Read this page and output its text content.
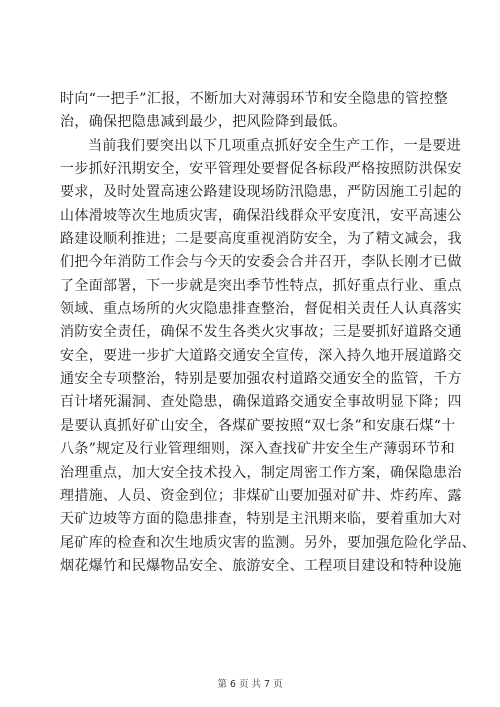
时向“一把手”汇报，不断加大对薄弱环节和安全隐患的管控整
治，确保把隐患减到最少，把风险降到最低。
当前我们要突出以下几项重点抓好安全生产工作，一是要进
一步抓好汛期安全，安平管理处要督促各标段严格按照防洪保安
要求，及时处置高速公路建设现场防汛隐患，严防因施工引起的
山体滑坡等次生地质灾害，确保沿线群众平安度汛，安平高速公
路建设顺利推进；二是要高度重视消防安全，为了精文减会，我
们把今年消防工作会与今天的安委会合并召开，李队长刚才已做
了全面部署，下一步就是突出季节性特点，抓好重点行业、重点
领域、重点场所的火灾隐患排查整治，督促相关责任人认真落实
消防安全责任，确保不发生各类火灾事故；三是要抓好道路交通
安全，要进一步扩大道路交通安全宣传，深入持久地开展道路交
通安全专项整治，特别是要加强农村道路交通安全的监管，千方
百计堵死漏洞、查处隐患，确保道路交通安全事故明显下降；四
是要认真抓好矿山安全，各煤矿要按照“双七条”和安康石煤“十
八条”规定及行业管理细则，深入查找矿井安全生产薄弱环节和
治理重点，加大安全技术投入，制定周密工作方案，确保隐患治
理措施、人员、资金到位；非煤矿山要加强对矿井、炸药库、露
天矿边坡等方面的隐患排查，特别是主汛期来临，要着重加大对
尾矿库的检查和次生地质灾害的监测。另外，要加强危险化学品、
烟花爆竹和民爆物品安全、旅游安全、工程项目建设和特种设施
第 6 页 共 7 页
